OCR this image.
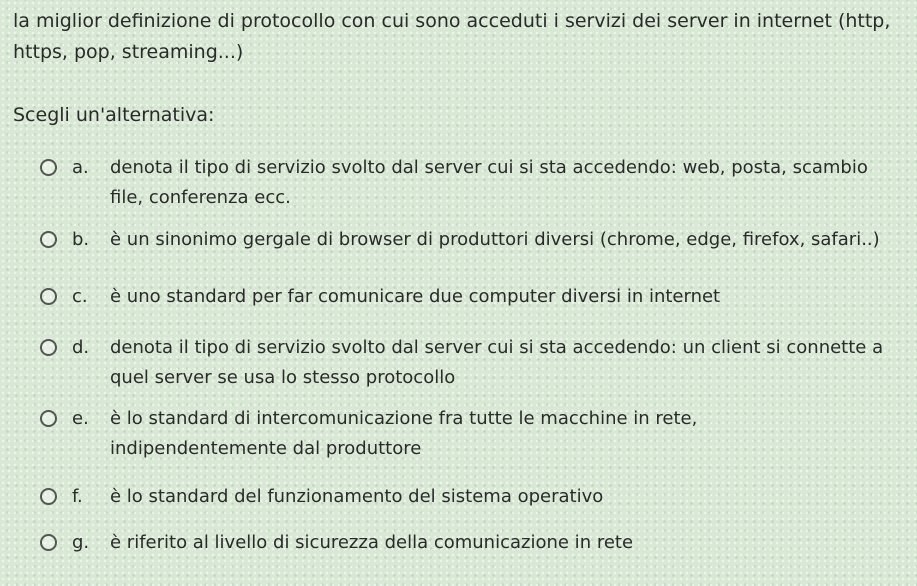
la miglior definizione di protocollo con cui sono acceduti i servizi dei server in internet (http, https, pop, streaming...)

Scegli un'alternativa:
a.	denota il tipo di servizio svolto dal server cui si sta accedendo: web, posta, scambio file, conferenza ecc.
b.	è un sinonimo gergale di browser di produttori diversi (chrome, edge, firefox, safari..)
c.	è uno standard per far comunicare due computer diversi in internet
d.	denota il tipo di servizio svolto dal server cui si sta accedendo: un client si connette a quel server se usa lo stesso protocollo
e.	è lo standard di intercomunicazione fra tutte le macchine in rete, indipendentemente dal produttore
f.	è lo standard del funzionamento del sistema operativo
g.	è riferito al livello di sicurezza della comunicazione in rete
